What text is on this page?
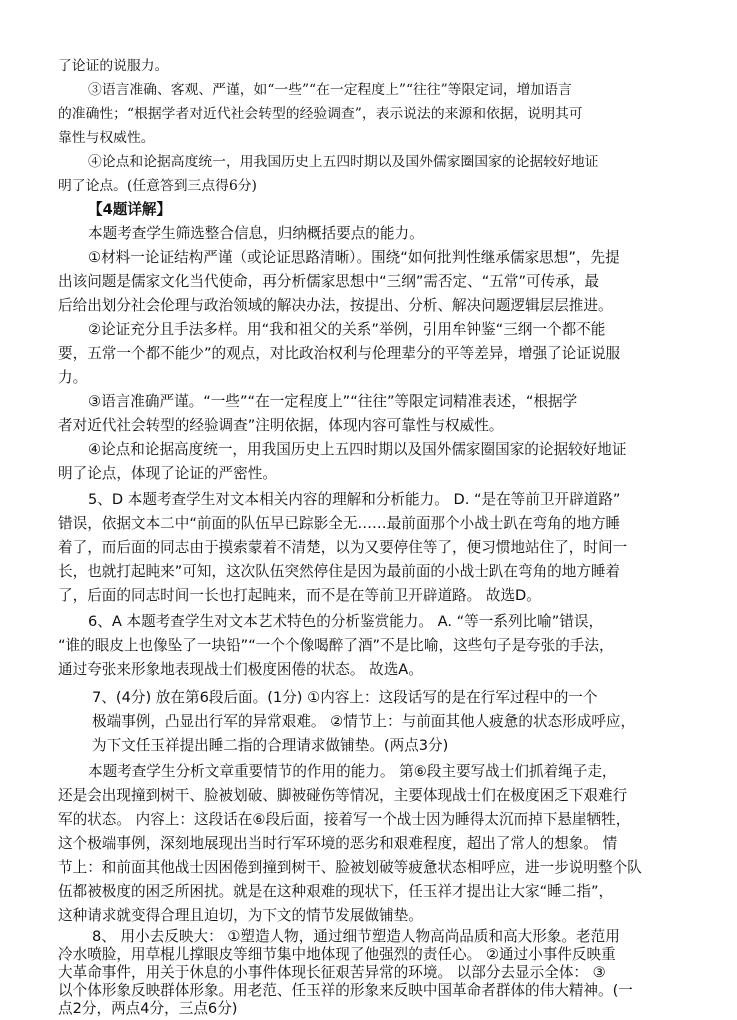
了论证的说服力。

③语言准确、客观、严谨，如“一些”“在一定程度上”“往往”等限定词，增加语言

的准确性；“根据学者对近代社会转型的经验调查”，表示说法的来源和依据，说明其可

靠性与权威性。

④论点和论据高度统一，用我国历史上五四时期以及国外儒家圈国家的论据较好地证

明了论点。(任意答到三点得6分)

【4题详解】

本题考查学生筛选整合信息，归纳概括要点的能力。

①材料一论证结构严谨（或论证思路清晰）。围绕“如何批判性继承儒家思想”，先提

出该问题是儒家文化当代使命，再分析儒家思想中“三纲”需否定、“五常”可传承，最

后给出划分社会伦理与政治领域的解决办法，按提出、分析、解决问题逻辑层层推进。

②论证充分且手法多样。用“我和祖父的关系”举例，引用牟钟鉴“三纲一个都不能

要，五常一个都不能少”的观点，对比政治权利与伦理辈分的平等差异，增强了论证说服

力。

③语言准确严谨。“一些”“在一定程度上”“往往”等限定词精准表述，“根据学

者对近代社会转型的经验调查”注明依据，体现内容可靠性与权威性。

④论点和论据高度统一，用我国历史上五四时期以及国外儒家圈国家的论据较好地证

明了论点，体现了论证的严密性。

5、D 本题考查学生对文本相关内容的理解和分析能力。 D. “是在等前卫开辟道路”

错误，依据文本二中“前面的队伍早已踪影全无……最前面那个小战士趴在弯角的地方睡

着了，而后面的同志由于摸索蒙着不清楚，以为又要停住等了，便习惯地站住了，时间一

长，也就打起盹来”可知，这次队伍突然停住是因为最前面的小战士趴在弯角的地方睡着

了，后面的同志时间一长也打起盹来，而不是在等前卫开辟道路。 故选D。

6、A 本题考查学生对文本艺术特色的分析鉴赏能力。 A. “等一系列比喻”错误，

“谁的眼皮上也像坠了一块铅”“一个个像喝醉了酒”不是比喻，这些句子是夸张的手法，

通过夸张来形象地表现战士们极度困倦的状态。 故选A。

7、(4分) 放在第6段后面。(1分) ①内容上：这段话写的是在行军过程中的一个

极端事例，凸显出行军的异常艰难。 ②情节上：与前面其他人疲惫的状态形成呼应，

为下文任玉祥提出睡二指的合理请求做铺垫。(两点3分)

本题考查学生分析文章重要情节的作用的能力。 第⑥段主要写战士们抓着绳子走，

还是会出现撞到树干、脸被划破、脚被碰伤等情况，主要体现战士们在极度困乏下艰难行

军的状态。 内容上：这段话在⑥段后面，接着写一个战士因为睡得太沉而掉下悬崖牺牲，

这个极端事例，深刻地展现出当时行军环境的恶劣和艰难程度，超出了常人的想象。 情

节上：和前面其他战士因困倦到撞到树干、脸被划破等疲惫状态相呼应，进一步说明整个队

伍都被极度的困乏所困扰。就是在这种艰难的现状下，任玉祥才提出让大家“睡二指”，

这种请求就变得合理且迫切，为下文的情节发展做铺垫。

8、 用小去反映大： ①塑造人物，通过细节塑造人物高尚品质和高大形象。老范用

冷水喷脸，用草棍儿撑眼皮等细节集中地体现了他强烈的责任心。 ②通过小事件反映重

大革命事件，用关于休息的小事件体现长征艰苦异常的环境。 以部分去显示全体： ③

以个体形象反映群体形象。用老范、任玉祥的形象来反映中国革命者群体的伟大精神。(一

点2分，两点4分，三点6分)
